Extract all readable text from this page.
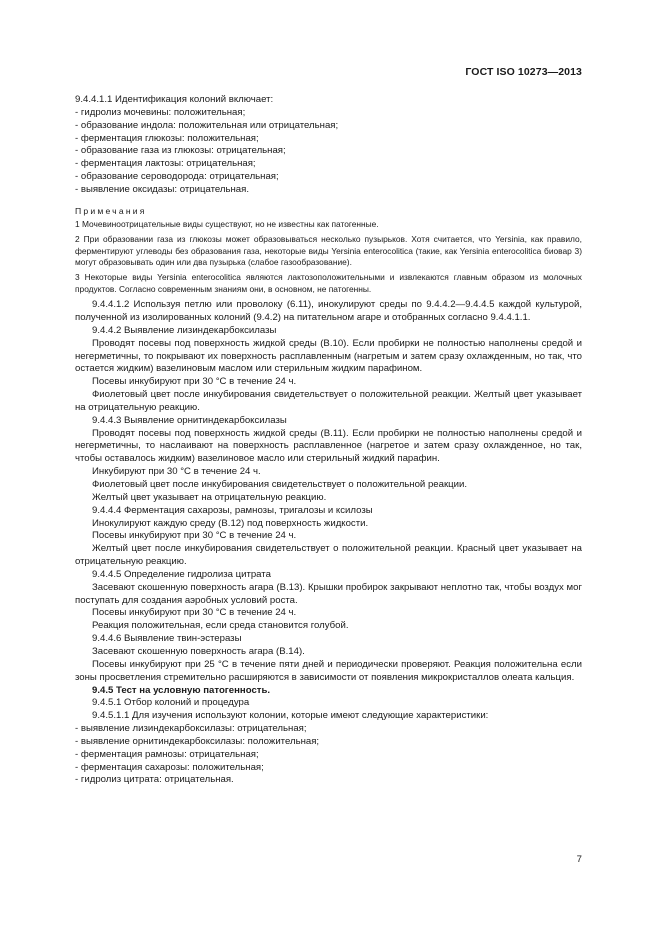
ГОСТ ISO 10273—2013

9.4.4.1.1 Идентификация колоний включает:

- гидролиз мочевины: положительная;

- образование индола: положительная или отрицательная;

- ферментация глюкозы: положительная;

- образование газа из глюкозы: отрицательная;

- ферментация лактозы: отрицательная;

- образование сероводорода: отрицательная;

- выявление оксидазы: отрицательная.

Примечания

1 Мочевиноотрицательные виды существуют, но не известны как патогенные.

2 При образовании газа из глюкозы может образовываться несколько пузырьков. Хотя считается, что Yersinia, как правило, ферментируют углеводы без образования газа, некоторые виды Yersinia enterocolitica (такие, как Yersinia enterocolitica биовар 3) могут образовывать один или два пузырька (слабое газообразование).

3 Некоторые виды Yersinia enterocolitica являются лактозоположительными и извлекаются главным образом из молочных продуктов. Согласно современным знаниям они, в основном, не патогенны.

9.4.4.1.2 Используя петлю или проволоку (6.11), инокулируют среды по 9.4.4.2—9.4.4.5 каждой культурой, полученной из изолированных колоний (9.4.2) на питательном агаре и отобранных согласно 9.4.4.1.1.

9.4.4.2 Выявление лизиндекарбоксилазы

Проводят посевы под поверхность жидкой среды (В.10). Если пробирки не полностью наполнены средой и негерметичны, то покрывают их поверхность расплавленным (нагретым и затем сразу охлажденным, но так, что остается жидким) вазелиновым маслом или стерильным жидким парафином.

Посевы инкубируют при 30 °С в течение 24 ч.

Фиолетовый цвет после инкубирования свидетельствует о положительной реакции. Желтый цвет указывает на отрицательную реакцию.

9.4.4.3 Выявление орнитиндекарбоксилазы

Проводят посевы под поверхность жидкой среды (В.11). Если пробирки не полностью наполнены средой и негерметичны, то наслаивают на поверхность расплавленное (нагретое и затем сразу охлажденное, но так, чтобы оставалось жидким) вазелиновое масло или стерильный жидкий парафин.

Инкубируют при 30 °С в течение 24 ч.

Фиолетовый цвет после инкубирования свидетельствует о положительной реакции.

Желтый цвет указывает на отрицательную реакцию.

9.4.4.4 Ферментация сахарозы, рамнозы, тригалозы и ксилозы

Инокулируют каждую среду (В.12) под поверхность жидкости.

Посевы инкубируют при 30 °С в течение 24 ч.

Желтый цвет после инкубирования свидетельствует о положительной реакции. Красный цвет указывает на отрицательную реакцию.

9.4.4.5 Определение гидролиза цитрата

Засевают скошенную поверхность агара (В.13). Крышки пробирок закрывают неплотно так, чтобы воздух мог поступать для создания аэробных условий роста.

Посевы инкубируют при 30 °С в течение 24 ч.

Реакция положительная, если среда становится голубой.

9.4.4.6 Выявление твин-эстеразы

Засевают скошенную поверхность агара (В.14).

Посевы инкубируют при 25 °С в течение пяти дней и периодически проверяют. Реакция положительна если зоны просветления стремительно расширяются в зависимости от появления микрокристаллов олеата кальция.

9.4.5 Тест на условную патогенность.

9.4.5.1 Отбор колоний и процедура

9.4.5.1.1 Для изучения используют колонии, которые имеют следующие характеристики:

- выявление лизиндекарбоксилазы: отрицательная;

- выявление орнитиндекарбоксилазы: положительная;

- ферментация рамнозы: отрицательная;

- ферментация сахарозы: положительная;

- гидролиз цитрата: отрицательная.

7
